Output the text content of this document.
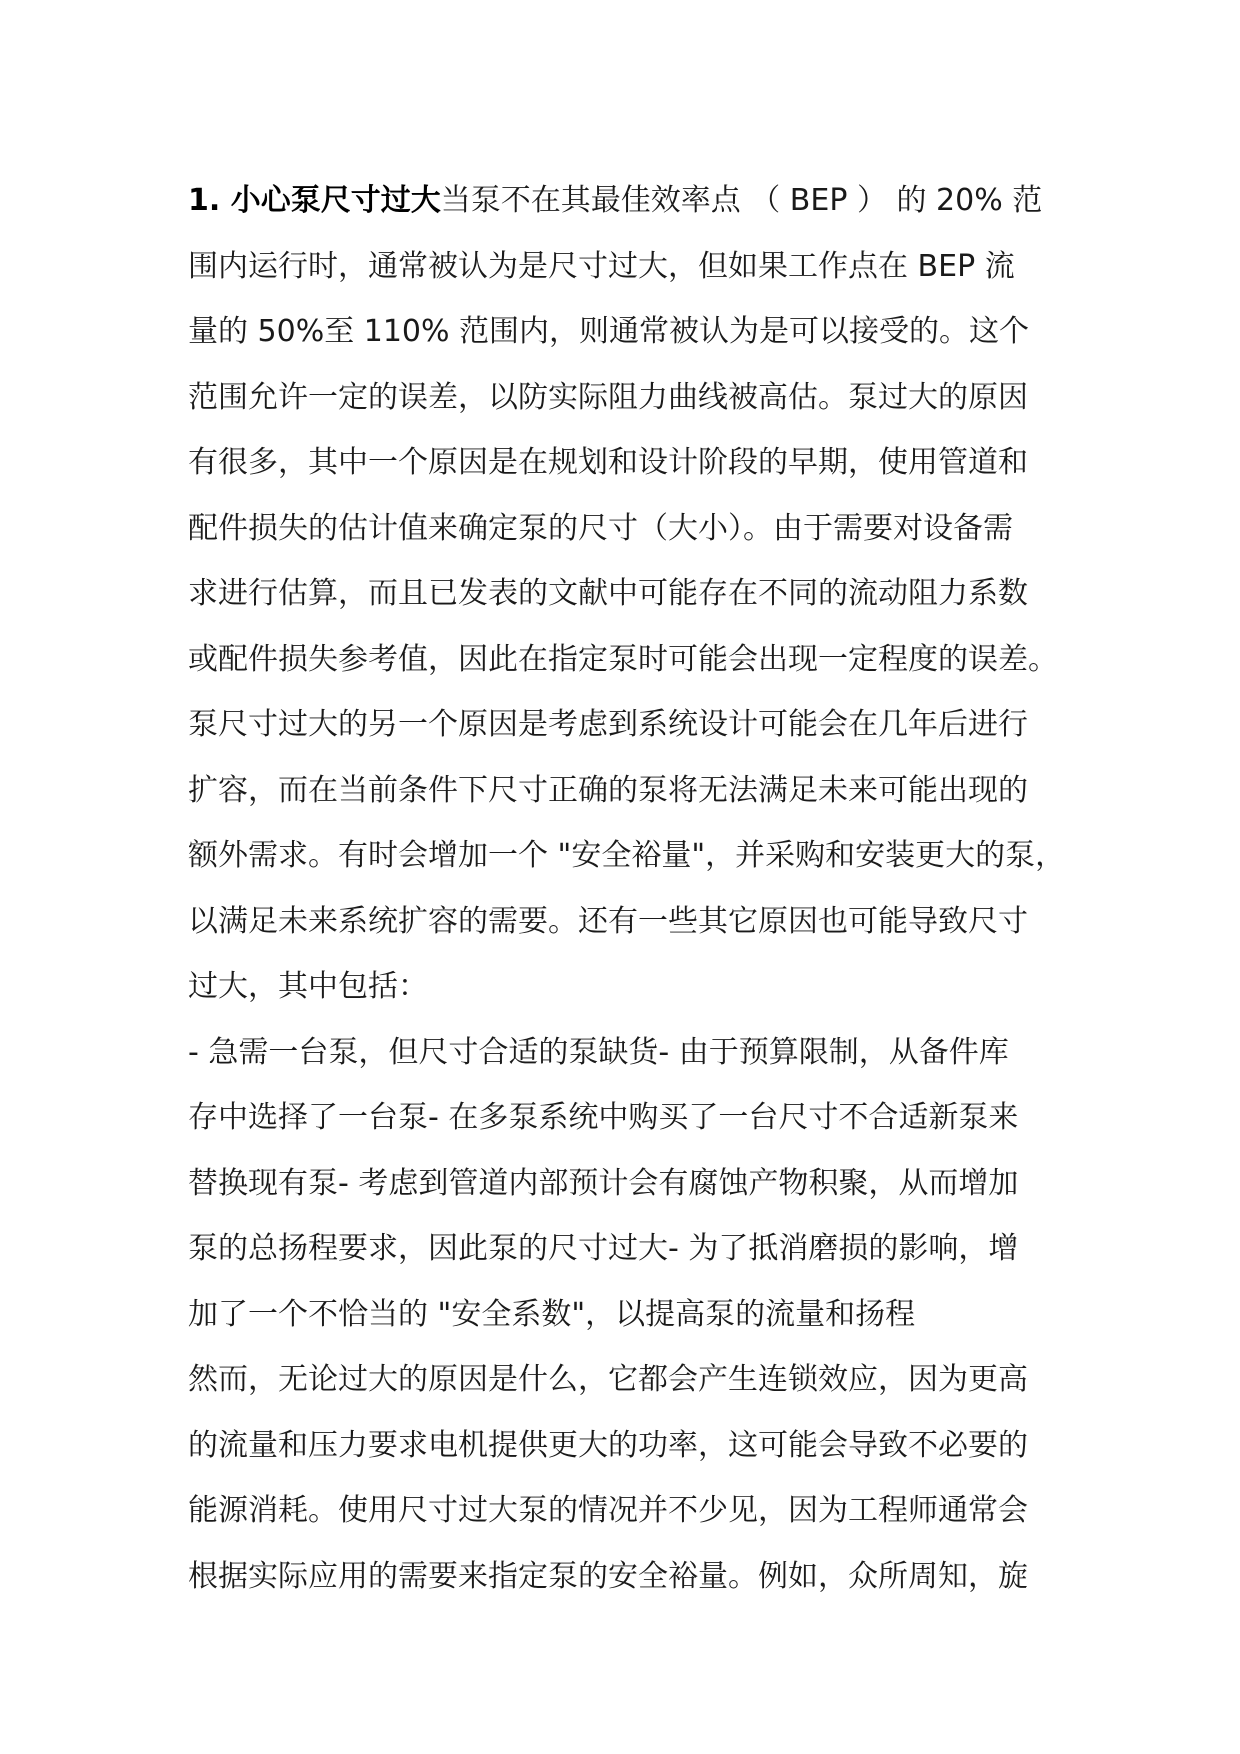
1. 小心泵尺寸过大当泵不在其最佳效率点 （ BEP ） 的 20% 范
围内运行时，通常被认为是尺寸过大，但如果工作点在 BEP 流
量的 50%至 110% 范围内，则通常被认为是可以接受的。这个
范围允许一定的误差，以防实际阻力曲线被高估。泵过大的原因
有很多，其中一个原因是在规划和设计阶段的早期，使用管道和
配件损失的估计值来确定泵的尺寸（大小）。由于需要对设备需
求进行估算，而且已发表的文献中可能存在不同的流动阻力系数
或配件损失参考值，因此在指定泵时可能会出现一定程度的误差。
泵尺寸过大的另一个原因是考虑到系统设计可能会在几年后进行
扩容，而在当前条件下尺寸正确的泵将无法满足未来可能出现的
额外需求。有时会增加一个 "安全裕量"，并采购和安装更大的泵，
以满足未来系统扩容的需要。还有一些其它原因也可能导致尺寸
过大，其中包括：
- 急需一台泵，但尺寸合适的泵缺货- 由于预算限制，从备件库
存中选择了一台泵- 在多泵系统中购买了一台尺寸不合适新泵来
替换现有泵- 考虑到管道内部预计会有腐蚀产物积聚，从而增加
泵的总扬程要求，因此泵的尺寸过大- 为了抵消磨损的影响，增
加了一个不恰当的 "安全系数"，以提高泵的流量和扬程
然而，无论过大的原因是什么，它都会产生连锁效应，因为更高
的流量和压力要求电机提供更大的功率，这可能会导致不必要的
能源消耗。使用尺寸过大泵的情况并不少见，因为工程师通常会
根据实际应用的需要来指定泵的安全裕量。例如，众所周知，旋
